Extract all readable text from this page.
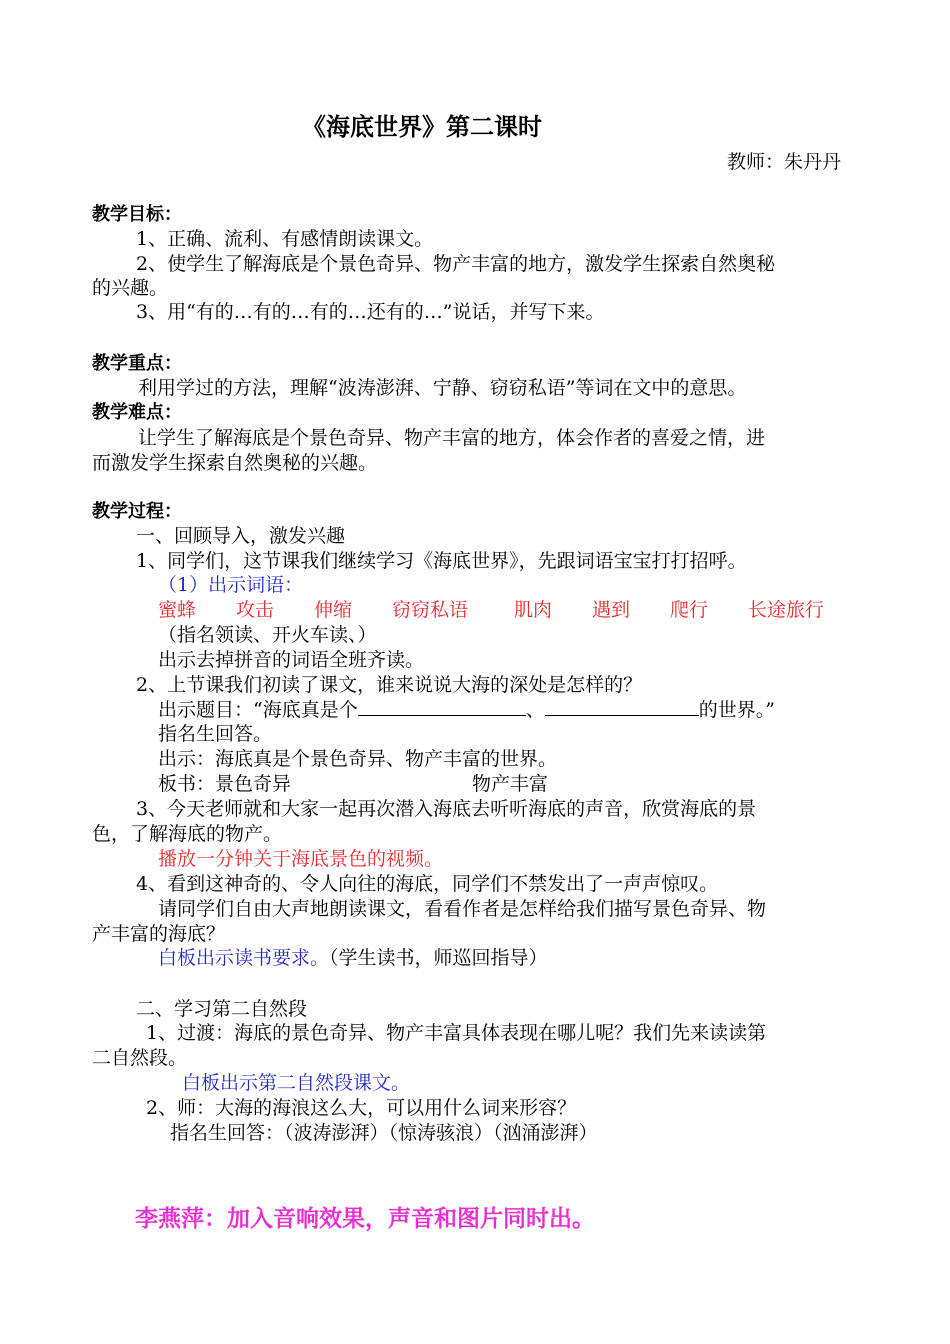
《海底世界》第二课时
教师：朱丹丹
教学目标：
1、正确、流利、有感情朗读课文。
2、使学生了解海底是个景色奇异、物产丰富的地方，激发学生探索自然奥秘
的兴趣。
3、用“有的…有的…有的…还有的…”说话，并写下来。
教学重点：
利用学过的方法，理解“波涛澎湃、宁静、窃窃私语”等词在文中的意思。
教学难点：
让学生了解海底是个景色奇异、物产丰富的地方，体会作者的喜爱之情，进
而激发学生探索自然奥秘的兴趣。
教学过程：
一、回顾导入，激发兴趣
1、同学们，这节课我们继续学习《海底世界》，先跟词语宝宝打打招呼。
（1）出示词语：
蜜蜂 攻击 伸缩 窃窃私语 肌肉 遇到 爬行 长途旅行
（指名领读、开火车读、）
出示去掉拼音的词语全班齐读。
2、上节课我们初读了课文，谁来说说大海的深处是怎样的？
出示题目：“海底真是个	、	的世界。”
指名生回答。
出示：海底真是个景色奇异、物产丰富的世界。
板书：景色奇异	物产丰富
3、今天老师就和大家一起再次潜入海底去听听海底的声音，欣赏海底的景
色，了解海底的物产。
播放一分钟关于海底景色的视频。
4、看到这神奇的、令人向往的海底，同学们不禁发出了一声声惊叹。
请同学们自由大声地朗读课文，看看作者是怎样给我们描写景色奇异、物
产丰富的海底？
白板出示读书要求。（学生读书，师巡回指导）
二、学习第二自然段
1、过渡：海底的景色奇异、物产丰富具体表现在哪儿呢？我们先来读读第
二自然段。
白板出示第二自然段课文。
2、师：大海的海浪这么大，可以用什么词来形容？
指名生回答：（波涛澎湃）（惊涛骇浪）（汹涌澎湃）
李燕萍：加入音响效果，声音和图片同时出。
